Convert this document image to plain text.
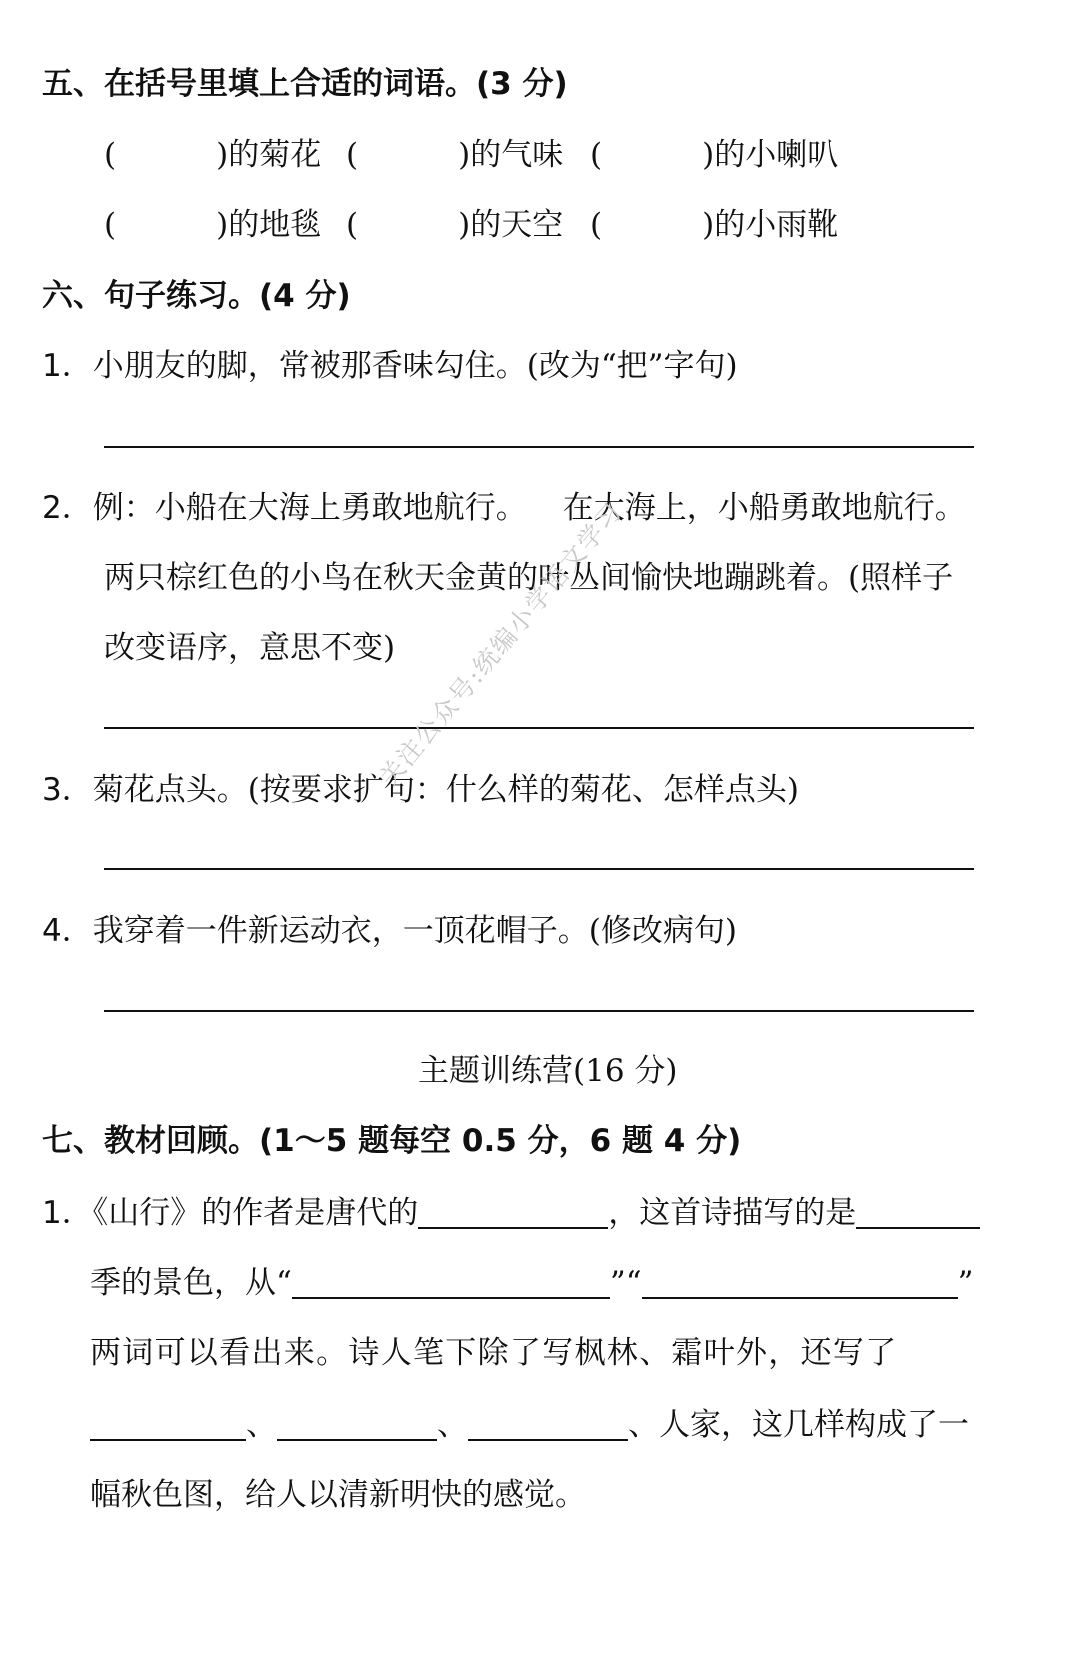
五、在括号里填上合适的词语。(3 分)
(	)的菊花 (	)的气味 (	)的小喇叭
(	)的地毯 (	)的天空 (	)的小雨靴
六、句子练习。(4 分)
1．小朋友的脚，常被那香味勾住。(改为“把”字句)
2．例：小船在大海上勇敢地航行。 在大海上，小船勇敢地航行。
两只棕红色的小鸟在秋天金黄的叶丛间愉快地蹦跳着。(照样子
改变语序，意思不变)
3．菊花点头。(按要求扩句：什么样的菊花、怎样点头)
4．我穿着一件新运动衣，一顶花帽子。(修改病句)
主题训练营(16 分)
七、教材回顾。(1～5 题每空 0.5 分，6 题 4 分)
1．《山行》的作者是唐代的	，这首诗描写的是
季的景色，从“	”“	”
两词可以看出来。诗人笔下除了写枫林、霜叶外，还写了
、	、	、人家，这几样构成了一
幅秋色图，给人以清新明快的感觉。
关注公众号:统编小学语文学习
